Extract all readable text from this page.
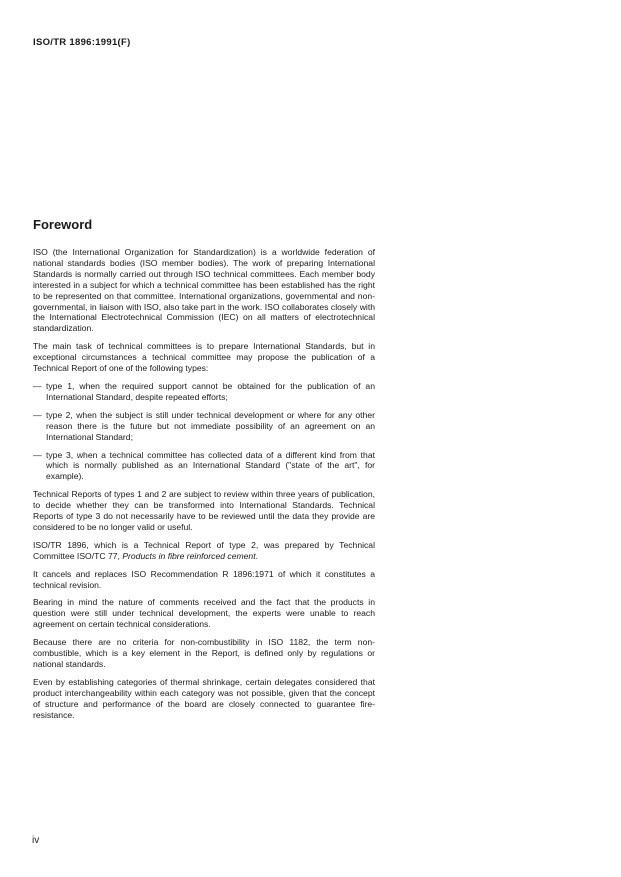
ISO/TR 1896:1991(F)
Foreword

ISO (the International Organization for Standardization) is a worldwide federation of national standards bodies (ISO member bodies). The work of preparing International Standards is normally carried out through ISO technical committees. Each member body interested in a subject for which a technical committee has been established has the right to be represented on that committee. International organizations, governmental and non-governmental, in liaison with ISO, also take part in the work. ISO collaborates closely with the International Electrotechnical Commission (IEC) on all matters of electrotechnical standardization.

The main task of technical committees is to prepare International Standards, but in exceptional circumstances a technical committee may propose the publication of a Technical Report of one of the following types:

— type 1, when the required support cannot be obtained for the publication of an International Standard, despite repeated efforts;
— type 2, when the subject is still under technical development or where for any other reason there is the future but not immediate possibility of an agreement on an International Standard;
— type 3, when a technical committee has collected data of a different kind from that which is normally published as an International Standard ("state of the art", for example).

Technical Reports of types 1 and 2 are subject to review within three years of publication, to decide whether they can be transformed into International Standards. Technical Reports of type 3 do not necessarily have to be reviewed until the data they provide are considered to be no longer valid or useful.

ISO/TR 1896, which is a Technical Report of type 2, was prepared by Technical Committee ISO/TC 77, Products in fibre reinforced cement.

It cancels and replaces ISO Recommendation R 1896:1971 of which it constitutes a technical revision.

Bearing in mind the nature of comments received and the fact that the products in question were still under technical development, the experts were unable to reach agreement on certain technical considerations.

Because there are no criteria for non-combustibility in ISO 1182, the term non-combustible, which is a key element in the Report, is defined only by regulations or national standards.

Even by establishing categories of thermal shrinkage, certain delegates considered that product interchangeability within each category was not possible, given that the concept of structure and performance of the board are closely connected to guarantee fire-resistance.

iv
